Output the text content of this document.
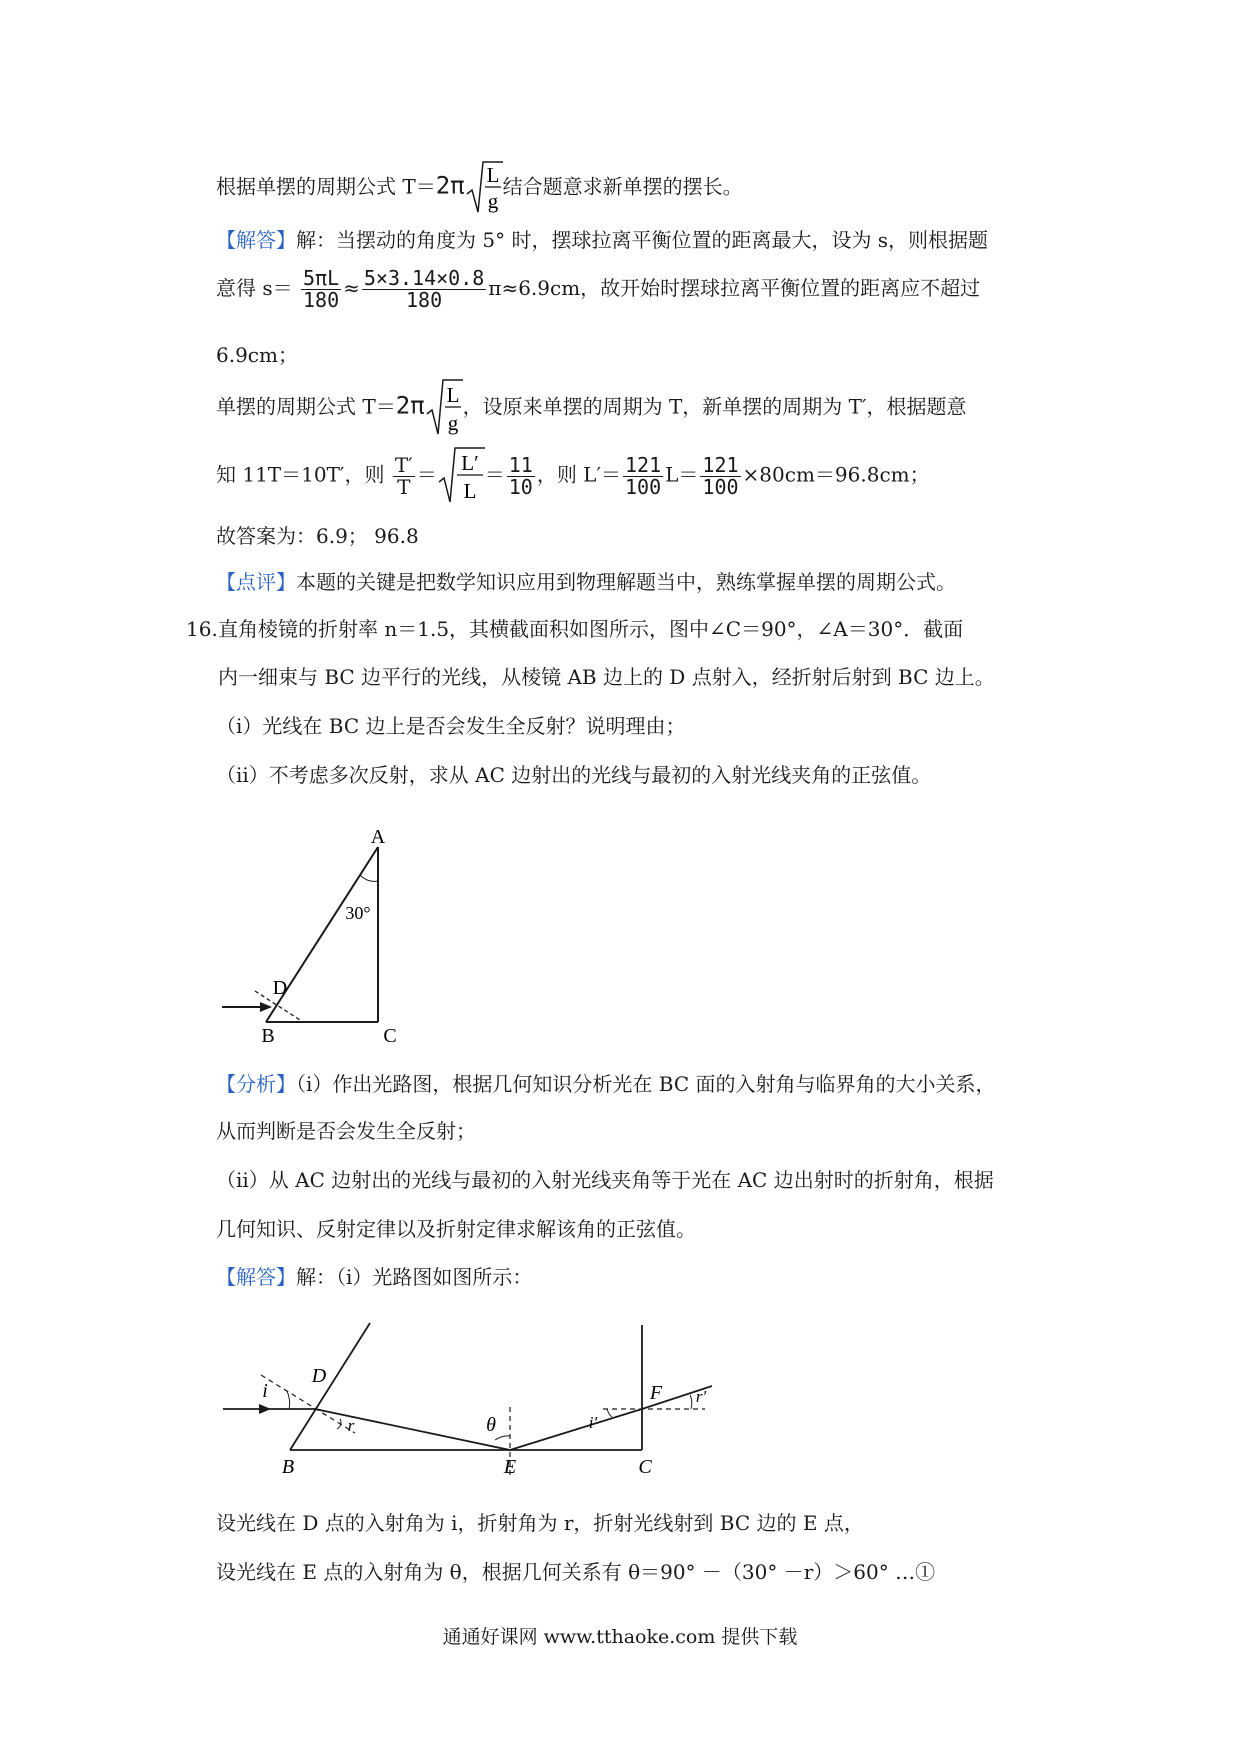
根据单摆的周期公式 T＝2π L
g
结合题意求新单摆的摆长。
【解答】解：当摆动的角度为 5° 时，摆球拉离平衡位置的距离最大，设为 s，则根据题
意得 $s= \frac{5\pi L}{180} \approx \frac{5\times 3.14\times 0.8}{180} \pi\approx 6.9cm$，故开始时摆球拉离平衡位置的距离应不超过
6.9cm；
单摆的周期公式 T＝2π L
g
，设原来单摆的周期为 T，新单摆的周期为 T′，根据题意
知 11T＝10T′，则 $\frac{T'}{T} = L'$
L
＝ $\frac{11}{10}$ ，则 $L'= \frac{121}{100} L= \frac{121}{100} \times 80cm=96.8cm$；
故答案为：6.9； 96.8
【点评】本题的关键是把数学知识应用到物理解题当中，熟练掌握单摆的周期公式。
16. 直角棱镜的折射率 n＝1.5，其横截面积如图所示，图中∠C＝90°，∠A＝30°．截面
内一细束与 BC 边平行的光线，从棱镜 AB 边上的 D 点射入，经折射后射到 BC 边上。
（i）光线在 BC 边上是否会发生全反射？说明理由；
（ii）不考虑多次反射，求从 AC 边射出的光线与最初的入射光线夹角的正弦值。
A
B	C
D
30°
【分析】（i）作出光路图，根据几何知识分析光在 BC 面的入射角与临界角的大小关系，
从而判断是否会发生全反射；
（ii）从 AC 边射出的光线与最初的入射光线夹角等于光在 AC 边出射时的折射角，根据
几何知识、反射定律以及折射定律求解该角的正弦值。
【解答】解：（i）光路图如图所示：
i
D
r	θ
E
B	C
F
i′
r′
设光线在 D 点的入射角为 i，折射角为 r，折射光线射到 BC 边的 E 点，
设光线在 E 点的入射角为 θ，根据几何关系有 θ＝90° －（30° －r）＞60° …①
通通好课网 www.tthaoke.com 提供下载
